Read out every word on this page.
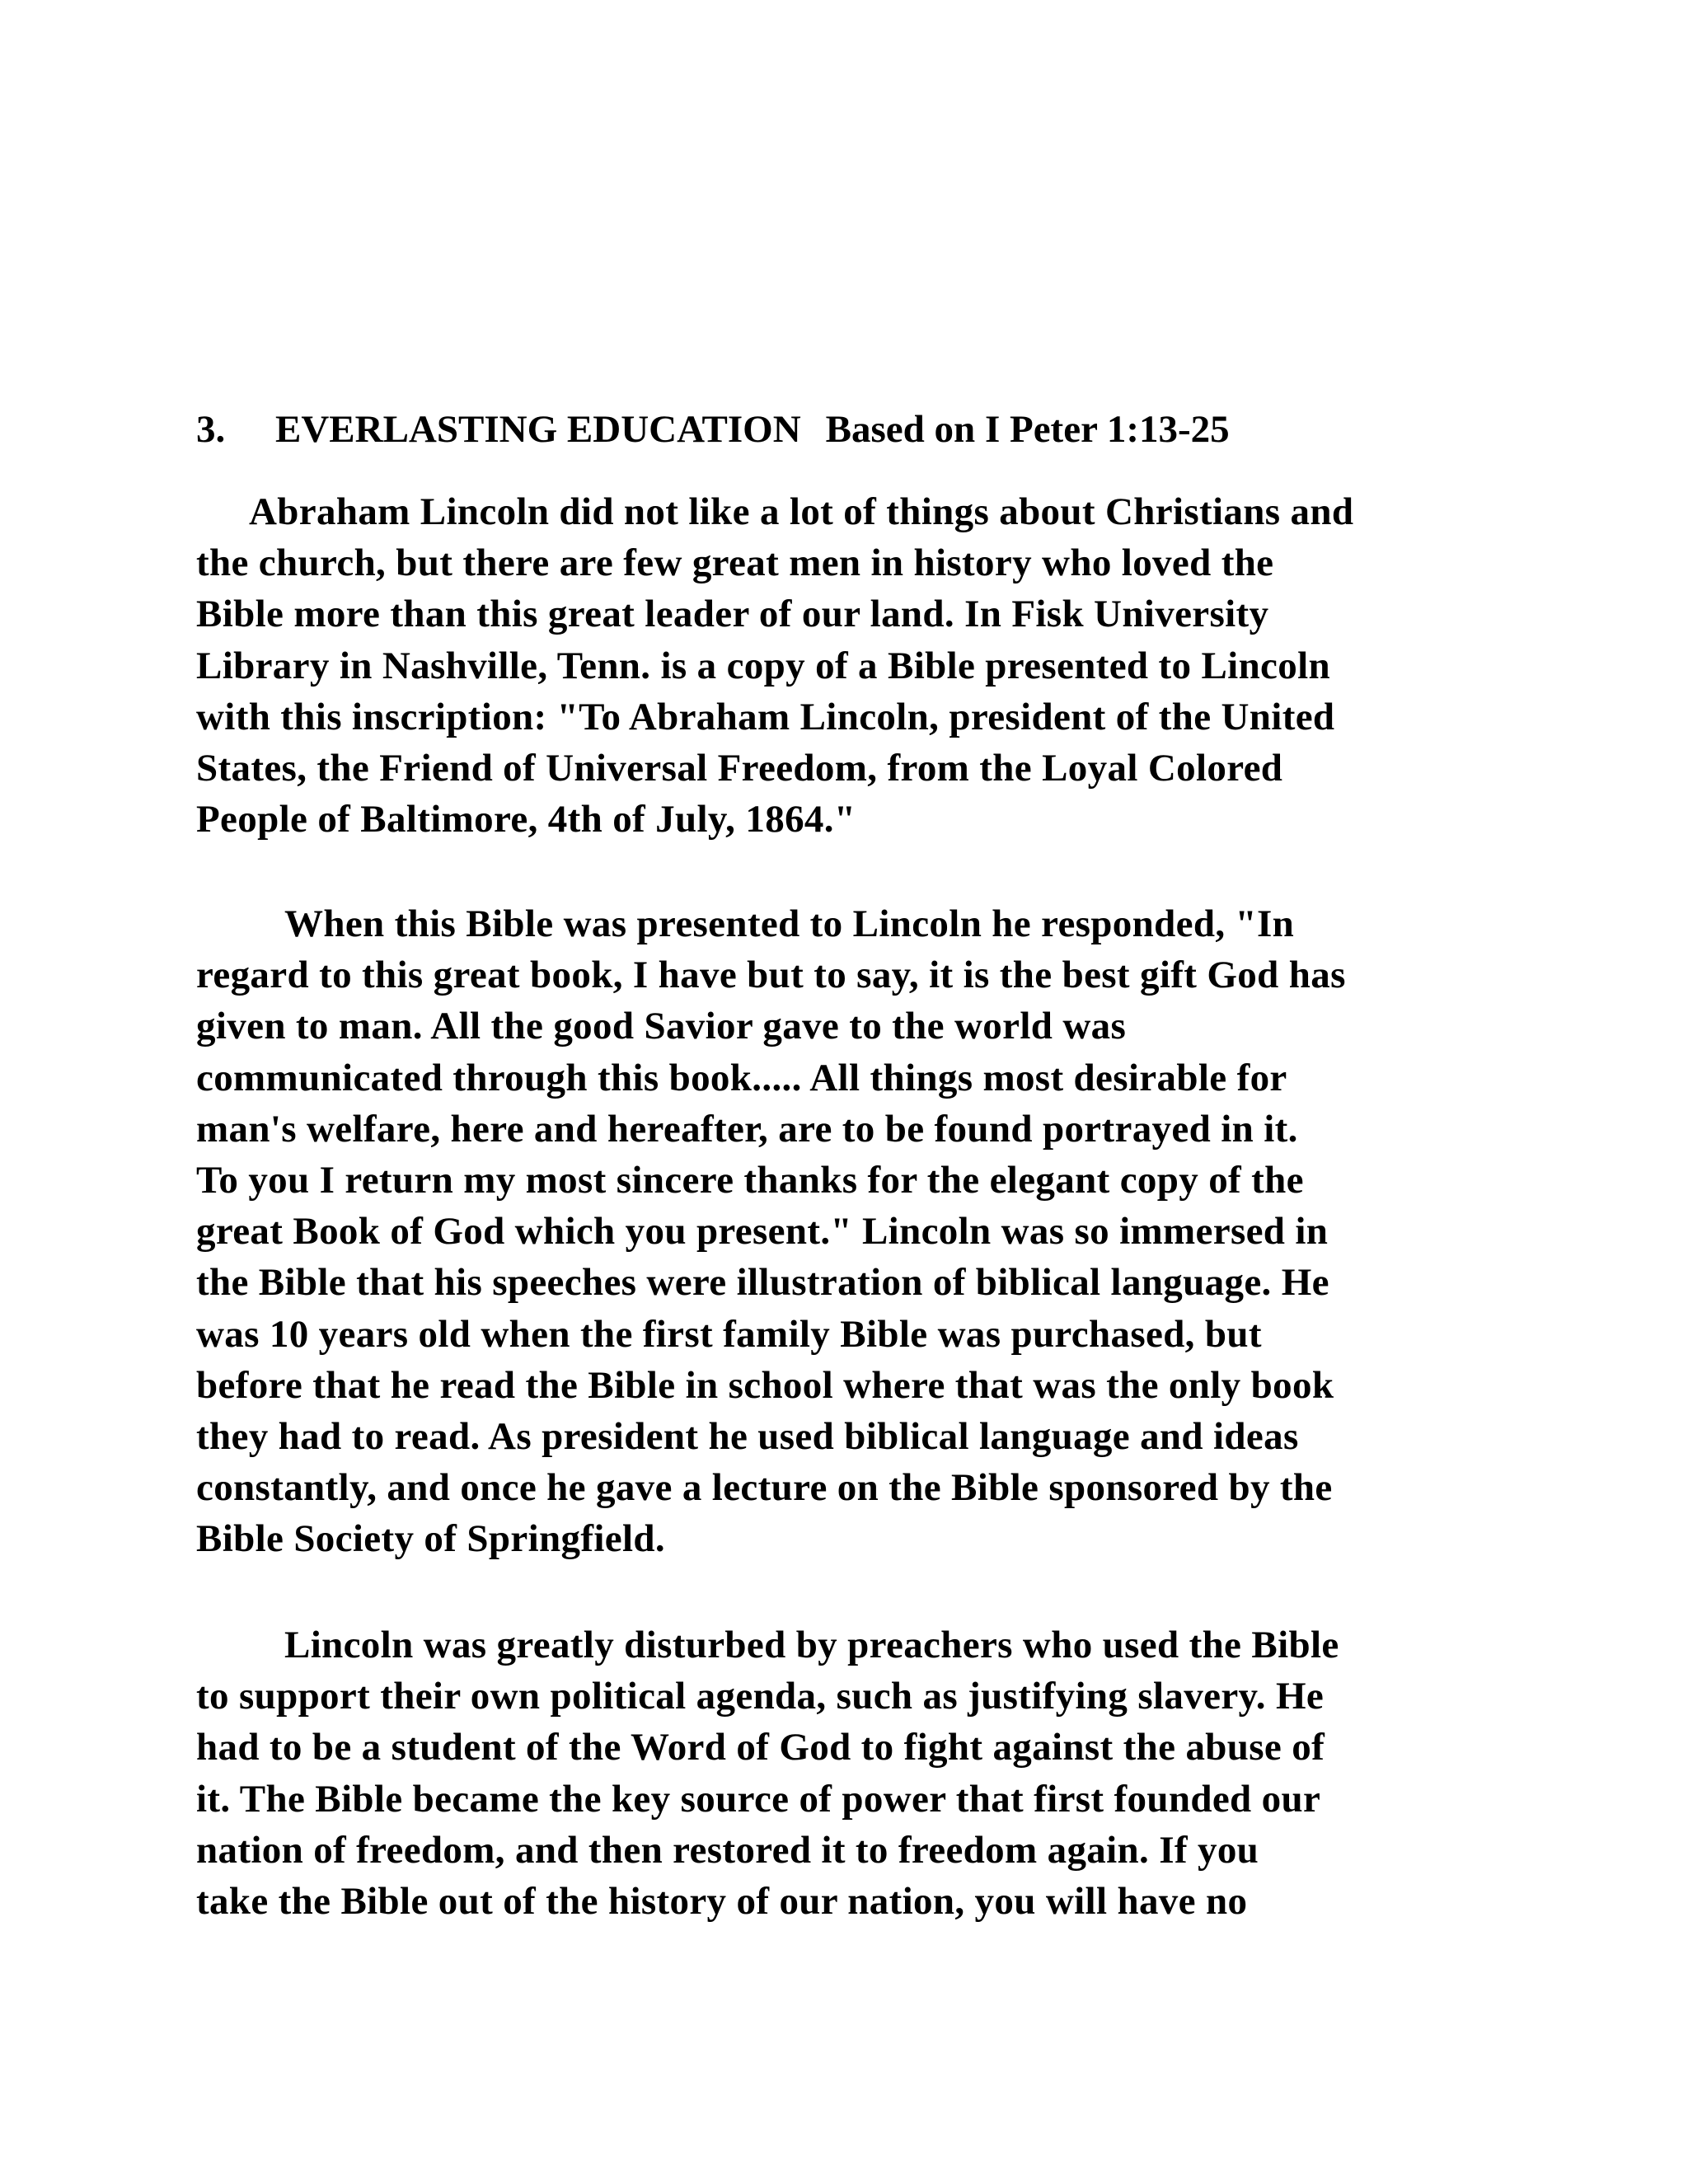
3. EVERLASTING EDUCATION Based on I Peter 1:13-25

Abraham Lincoln did not like a lot of things about Christians and
the church, but there are few great men in history who loved the
Bible more than this great leader of our land. In Fisk University
Library in Nashville, Tenn. is a copy of a Bible presented to Lincoln
with this inscription: "To Abraham Lincoln, president of the United
States, the Friend of Universal Freedom, from the Loyal Colored
People of Baltimore, 4th of July, 1864."

When this Bible was presented to Lincoln he responded, "In
regard to this great book, I have but to say, it is the best gift God has
given to man. All the good Savior gave to the world was
communicated through this book..... All things most desirable for
man's welfare, here and hereafter, are to be found portrayed in it.
To you I return my most sincere thanks for the elegant copy of the
great Book of God which you present." Lincoln was so immersed in
the Bible that his speeches were illustration of biblical language. He
was 10 years old when the first family Bible was purchased, but
before that he read the Bible in school where that was the only book
they had to read. As president he used biblical language and ideas
constantly, and once he gave a lecture on the Bible sponsored by the
Bible Society of Springfield.

Lincoln was greatly disturbed by preachers who used the Bible
to support their own political agenda, such as justifying slavery. He
had to be a student of the Word of God to fight against the abuse of
it. The Bible became the key source of power that first founded our
nation of freedom, and then restored it to freedom again. If you
take the Bible out of the history of our nation, you will have no
